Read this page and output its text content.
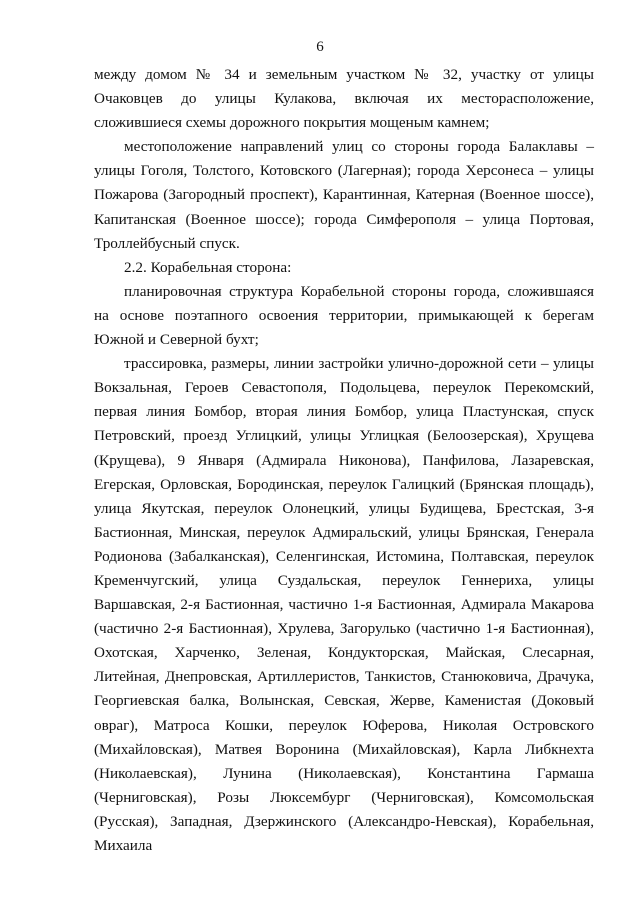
6

между домом № 34 и земельным участком № 32, участку от улицы Очаковцев до улицы Кулакова, включая их месторасположение, сложившиеся схемы дорожного покрытия мощеным камнем;

местоположение направлений улиц со стороны города Балаклавы – улицы Гоголя, Толстого, Котовского (Лагерная); города Херсонеса – улицы Пожарова (Загородный проспект), Карантинная, Катерная (Военное шоссе), Капитанская (Военное шоссе); города Симферополя – улица Портовая, Троллейбусный спуск.

2.2. Корабельная сторона:

планировочная структура Корабельной стороны города, сложившаяся на основе поэтапного освоения территории, примыкающей к берегам Южной и Северной бухт;

трассировка, размеры, линии застройки улично-дорожной сети – улицы Вокзальная, Героев Севастополя, Подольцева, переулок Перекомский, первая линия Бомбор, вторая линия Бомбор, улица Пластунская, спуск Петровский, проезд Углицкий, улицы Углицкая (Белоозерская), Хрущева (Крущева), 9 Января (Адмирала Никонова), Панфилова, Лазаревская, Егерская, Орловская, Бородинская, переулок Галицкий (Брянская площадь), улица Якутская, переулок Олонецкий, улицы Будищева, Брестская, 3-я Бастионная, Минская, переулок Адмиральский, улицы Брянская, Генерала Родионова (Забалканская), Селенгинская, Истомина, Полтавская, переулок Кременчугский, улица Суздальская, переулок Геннериха, улицы Варшавская, 2-я Бастионная, частично 1-я Бастионная, Адмирала Макарова (частично 2-я Бастионная), Хрулева, Загорулько (частично 1-я Бастионная), Охотская, Харченко, Зеленая, Кондукторская, Майская, Слесарная, Литейная, Днепровская, Артиллеристов, Танкистов, Станюковича, Драчука, Георгиевская балка, Волынская, Севская, Жерве, Каменистая (Доковый овраг), Матроса Кошки, переулок Юферова, Николая Островского (Михайловская), Матвея Воронина (Михайловская), Карла Либкнехта (Николаевская), Лунина (Николаевская), Константина Гармаша (Черниговская), Розы Люксембург (Черниговская), Комсомольская (Русская), Западная, Дзержинского (Александро-Невская), Корабельная, Михаила
